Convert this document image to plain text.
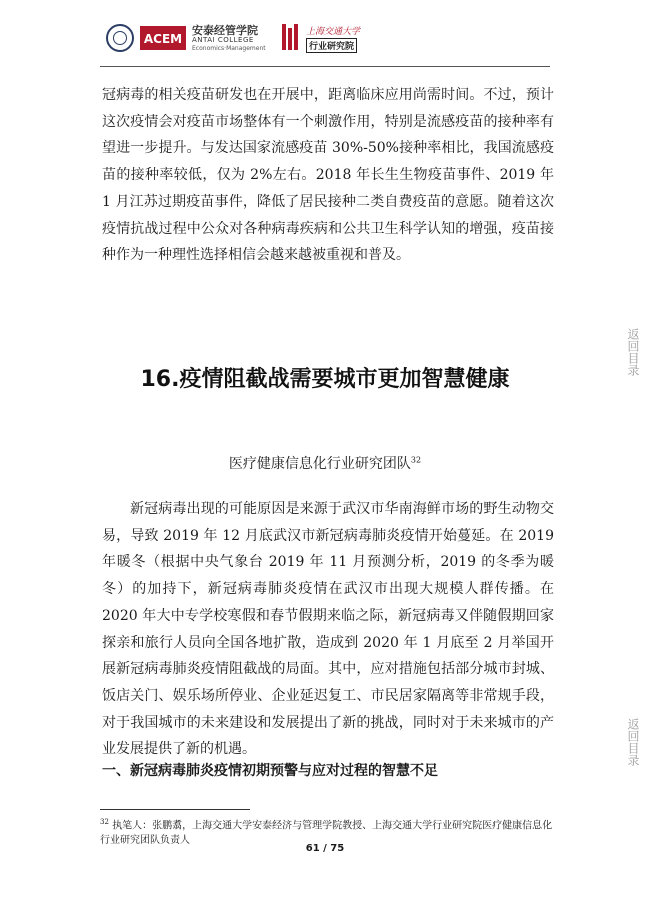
ACEM
安泰经管学院
ANTAI COLLEGE
Economics·Management
上海交通大学
行业研究院

冠病毒的相关疫苗研发也在开展中，距离临床应用尚需时间。不过，预计这次疫情会对疫苗市场整体有一个刺激作用，特别是流感疫苗的接种率有望进一步提升。与发达国家流感疫苗 30%-50%接种率相比，我国流感疫苗的接种率较低，仅为 2%左右。2018 年长生生物疫苗事件、2019 年 1 月江苏过期疫苗事件，降低了居民接种二类自费疫苗的意愿。随着这次疫情抗战过程中公众对各种病毒疾病和公共卫生科学认知的增强，疫苗接种作为一种理性选择相信会越来越被重视和普及。

16.疫情阻截战需要城市更加智慧健康
医疗健康信息化行业研究团队$^{32}$

新冠病毒出现的可能原因是来源于武汉市华南海鲜市场的野生动物交易，导致 2019 年 12 月底武汉市新冠病毒肺炎疫情开始蔓延。在 2019 年暖冬（根据中央气象台 2019 年 11 月预测分析，2019 的冬季为暖冬）的加持下，新冠病毒肺炎疫情在武汉市出现大规模人群传播。在 2020 年大中专学校寒假和春节假期来临之际，新冠病毒又伴随假期回家探亲和旅行人员向全国各地扩散，造成到 2020 年 1 月底至 2 月举国开展新冠病毒肺炎疫情阻截战的局面。其中，应对措施包括部分城市封城、饭店关门、娱乐场所停业、企业延迟复工、市民居家隔离等非常规手段，对于我国城市的未来建设和发展提出了新的挑战，同时对于未来城市的产业发展提供了新的机遇。

一、新冠病毒肺炎疫情初期预警与应对过程的智慧不足
$^{32}$ 执笔人：张鹏翥，上海交通大学安泰经济与管理学院教授、上海交通大学行业研究院医疗健康信息化行业研究团队负责人
61 / 75
返回目录
返回目录
